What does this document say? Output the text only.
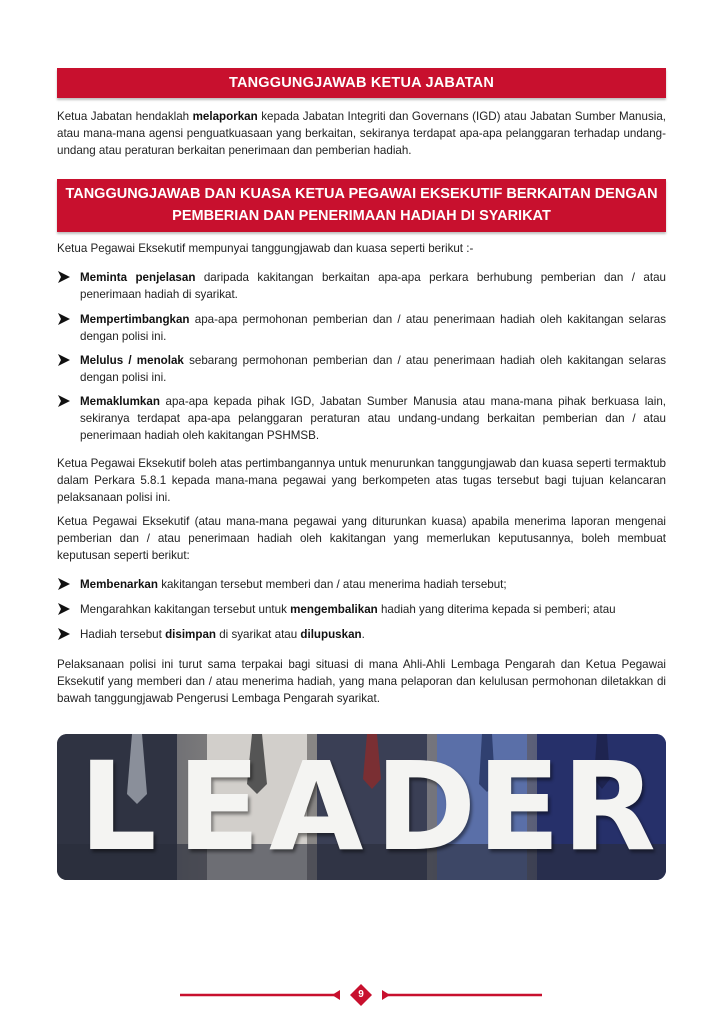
TANGGUNGJAWAB KETUA JABATAN

Ketua Jabatan hendaklah melaporkan kepada Jabatan Integriti dan Governans (IGD) atau Jabatan Sumber Manusia, atau mana-mana agensi penguatkuasaan yang berkaitan, sekiranya terdapat apa-apa pelanggaran terhadap undang-undang atau peraturan berkaitan penerimaan dan pemberian hadiah.

TANGGUNGJAWAB DAN KUASA KETUA PEGAWAI EKSEKUTIF BERKAITAN DENGAN
PEMBERIAN DAN PENERIMAAN HADIAH DI SYARIKAT

Ketua Pegawai Eksekutif mempunyai tanggungjawab dan kuasa seperti berikut :-

Meminta penjelasan daripada kakitangan berkaitan apa-apa perkara berhubung pemberian dan / atau penerimaan hadiah di syarikat.
Mempertimbangkan apa-apa permohonan pemberian dan / atau penerimaan hadiah oleh kakitangan selaras dengan polisi ini.
Melulus / menolak sebarang permohonan pemberian dan / atau penerimaan hadiah oleh kakitangan selaras dengan polisi ini.
Memaklumkan apa-apa kepada pihak IGD, Jabatan Sumber Manusia atau mana-mana pihak berkuasa lain, sekiranya terdapat apa-apa pelanggaran peraturan atau undang-undang berkaitan pemberian dan / atau penerimaan hadiah oleh kakitangan PSHMSB.

Ketua Pegawai Eksekutif boleh atas pertimbangannya untuk menurunkan tanggungjawab dan kuasa seperti termaktub dalam Perkara 5.8.1 kepada mana-mana pegawai yang berkompeten atas tugas tersebut bagi tujuan kelancaran pelaksanaan polisi ini.

Ketua Pegawai Eksekutif (atau mana-mana pegawai yang diturunkan kuasa) apabila menerima laporan mengenai pemberian dan / atau penerimaan hadiah oleh kakitangan yang memerlukan keputusannya, boleh membuat keputusan seperti berikut:

Membenarkan kakitangan tersebut memberi dan / atau menerima hadiah tersebut;
Mengarahkan kakitangan tersebut untuk mengembalikan hadiah yang diterima kepada si pemberi; atau
Hadiah tersebut disimpan di syarikat atau dilupuskan.

Pelaksanaan polisi ini turut sama terpakai bagi situasi di mana Ahli-Ahli Lembaga Pengarah dan Ketua Pegawai Eksekutif yang memberi dan / atau menerima hadiah, yang mana pelaporan dan kelulusan permohonan diletakkan di bawah tanggungjawab Pengerusi Lembaga Pengarah syarikat.

L E A D E R
9
